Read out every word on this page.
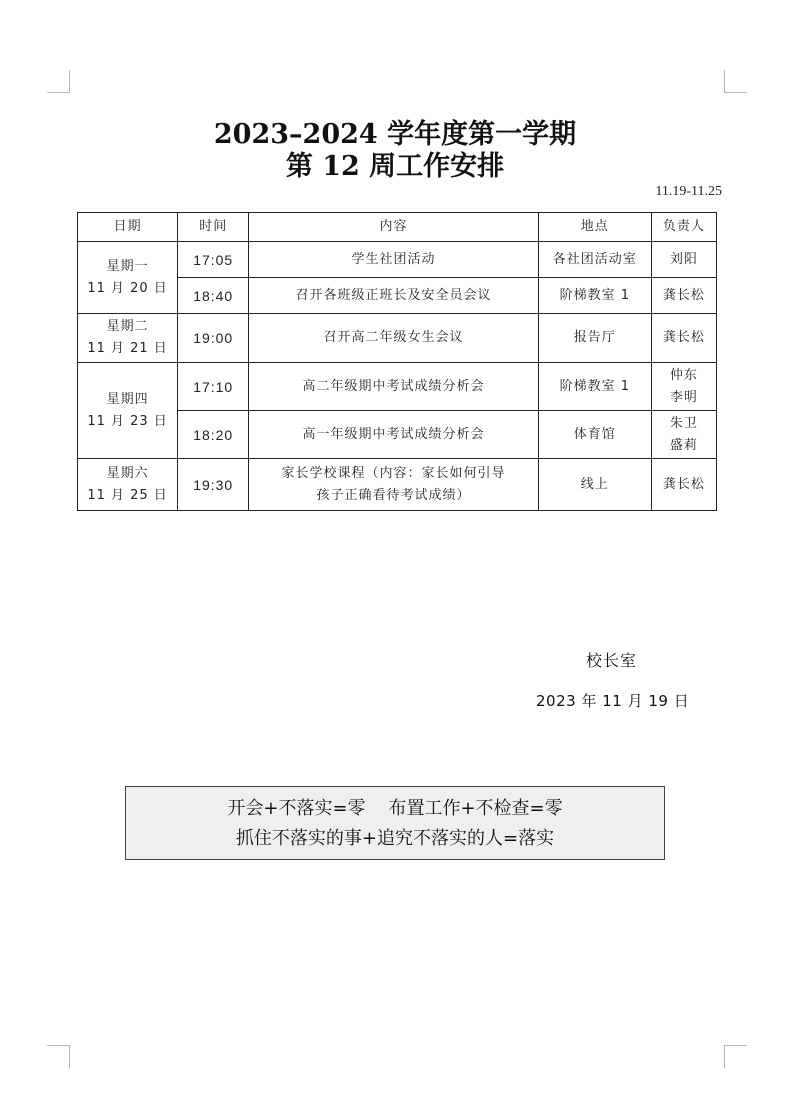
2023–2024 学年度第一学期
第 12 周工作安排
11.19-11.25
日期	时间	内容	地点	负责人

星期一
11 月 20 日	17:05	学生社团活动	各社团活动室	刘阳
	18:40	召开各班级正班长及安全员会议	阶梯教室 1	龚长松

星期二
11 月 21 日	19:00	召开高二年级女生会议	报告厅	龚长松

星期四
11 月 23 日	17:10	高二年级期中考试成绩分析会	阶梯教室 1	仲东
李明

	18:20	高一年级期中考试成绩分析会	体育馆	朱卫
盛莉

星期六
11 月 25 日	19:30	家长学校课程（内容：家长如何引导
孩子正确看待考试成绩）	线上	龚长松
校长室
2023 年 11 月 19 日
开会+不落实=零    布置工作+不检查=零
抓住不落实的事+追究不落实的人=落实
